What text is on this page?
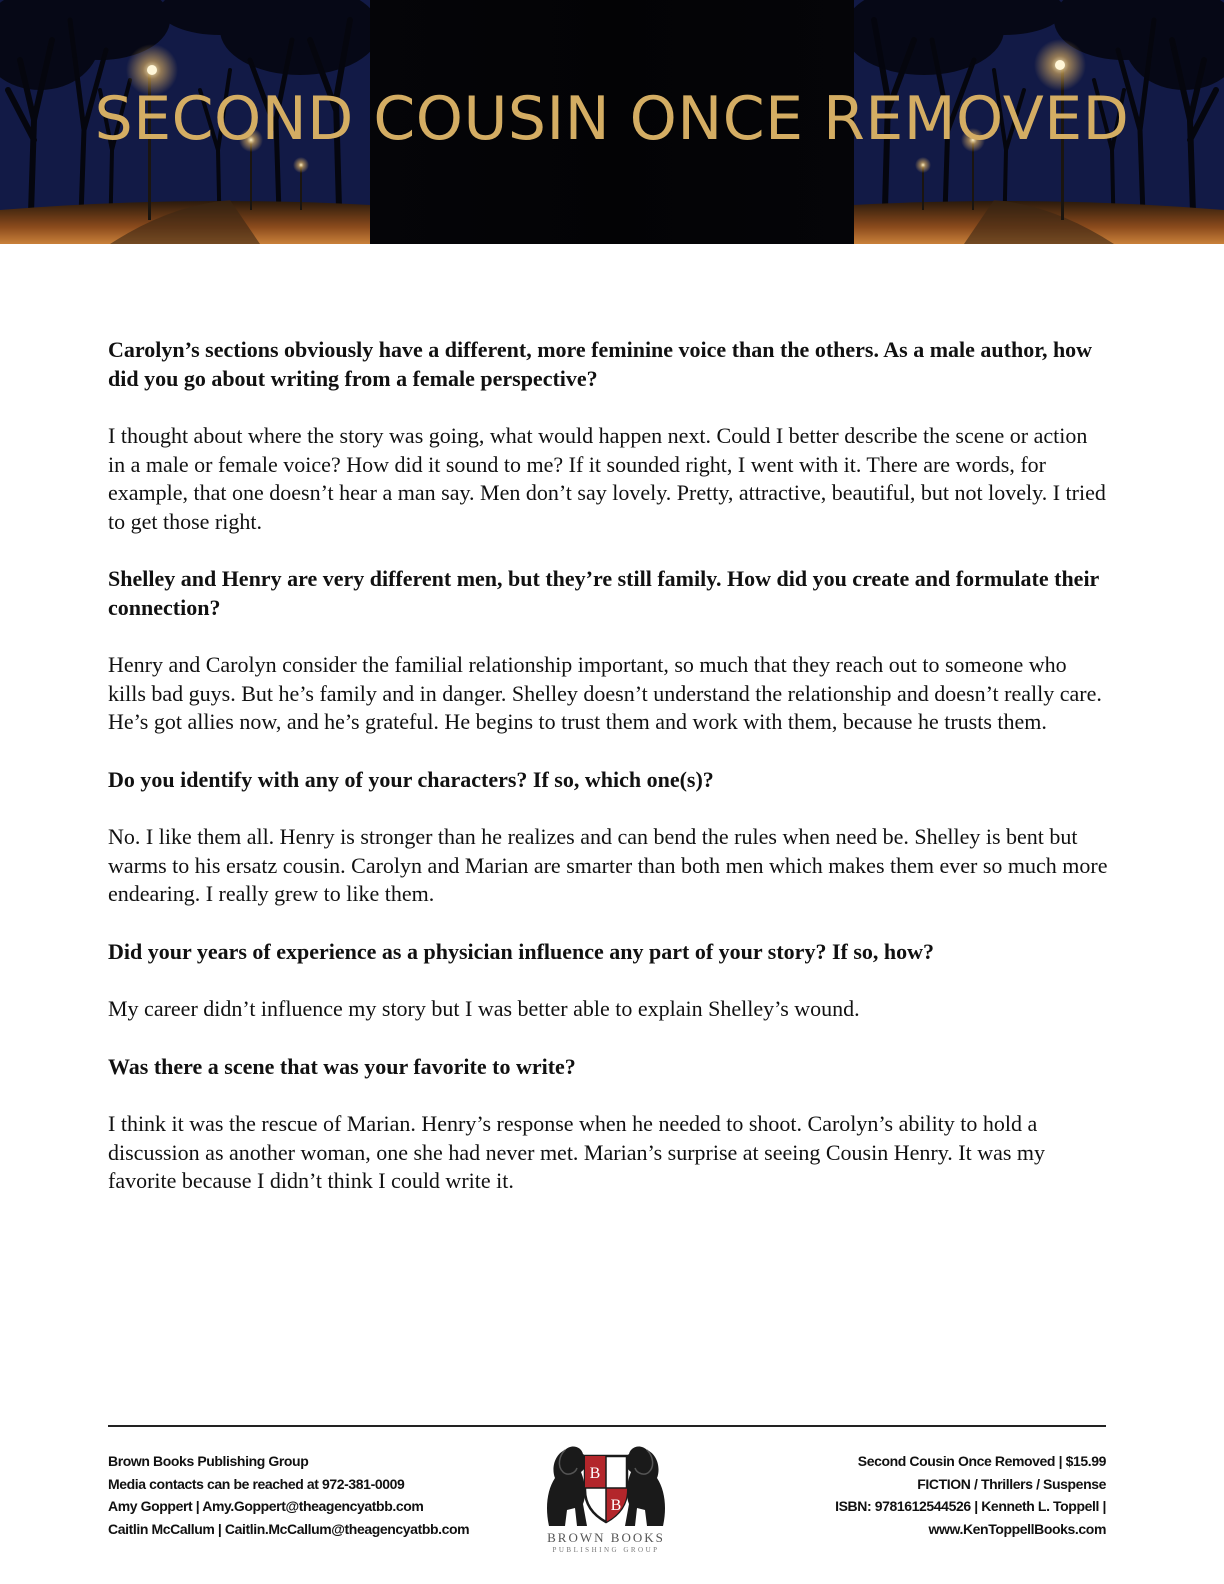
SECOND COUSIN ONCE REMOVED

Carolyn’s sections obviously have a different, more feminine voice than the others. As a male author, how did you go about writing from a female perspective?

I thought about where the story was going, what would happen next. Could I better describe the scene or action in a male or female voice? How did it sound to me? If it sounded right, I went with it. There are words, for example, that one doesn’t hear a man say. Men don’t say lovely. Pretty, attractive, beautiful, but not lovely. I tried to get those right.

Shelley and Henry are very different men, but they’re still family. How did you create and formulate their connection?

Henry and Carolyn consider the familial relationship important, so much that they reach out to someone who kills bad guys. But he’s family and in danger. Shelley doesn’t understand the relationship and doesn’t really care. He’s got allies now, and he’s grateful. He begins to trust them and work with them, because he trusts them.

Do you identify with any of your characters? If so, which one(s)?

No. I like them all. Henry is stronger than he realizes and can bend the rules when need be. Shelley is bent but warms to his ersatz cousin. Carolyn and Marian are smarter than both men which makes them ever so much more endearing. I really grew to like them.

Did your years of experience as a physician influence any part of your story? If so, how?

My career didn’t influence my story but I was better able to explain Shelley’s wound.

Was there a scene that was your favorite to write?

I think it was the rescue of Marian. Henry’s response when he needed to shoot. Carolyn’s ability to hold a discussion as another woman, one she had never met. Marian’s surprise at seeing Cousin Henry. It was my favorite because I didn’t think I could write it.

Brown Books Publishing Group
Media contacts can be reached at 972-381-0009
Amy Goppert | Amy.Goppert@theagencyatbb.com
Caitlin McCallum | Caitlin.McCallum@theagencyatbb.com
B
B
BROWN BOOKS
PUBLISHING GROUP
Second Cousin Once Removed | $15.99
FICTION / Thrillers / Suspense
ISBN: 9781612544526 | Kenneth L. Toppell |
www.KenToppellBooks.com
